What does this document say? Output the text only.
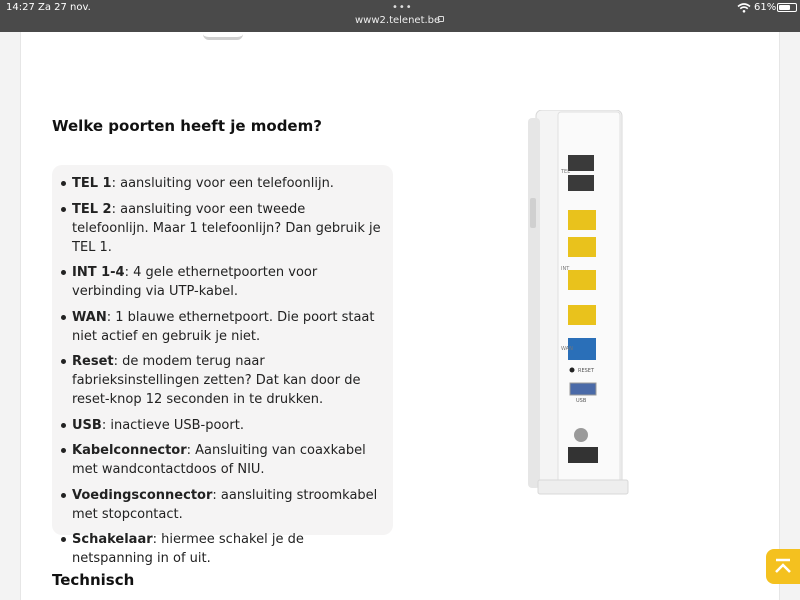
14:27 Za 27 nov.	•••
www2.telenet.be
61%
Welke poorten heeft je modem?
TEL 1: aansluiting voor een telefoonlijn.
TEL 2: aansluiting voor een tweede telefoonlijn. Maar 1 telefoonlijn? Dan gebruik je TEL 1.
INT 1-4: 4 gele ethernetpoorten voor verbinding via UTP-kabel.
WAN: 1 blauwe ethernetpoort. Die poort staat niet actief en gebruik je niet.
Reset: de modem terug naar fabrieksinstellingen zetten? Dat kan door de reset-knop 12 seconden in te drukken.
USB: inactieve USB-poort.
Kabelconnector: Aansluiting van coaxkabel met wandcontactdoos of NIU.
Voedingsconnector: aansluiting stroomkabel met stopcontact.
Schakelaar: hiermee schakel je de netspanning in of uit.
TEL
INT
WAN
RESET
USB
Technisch
